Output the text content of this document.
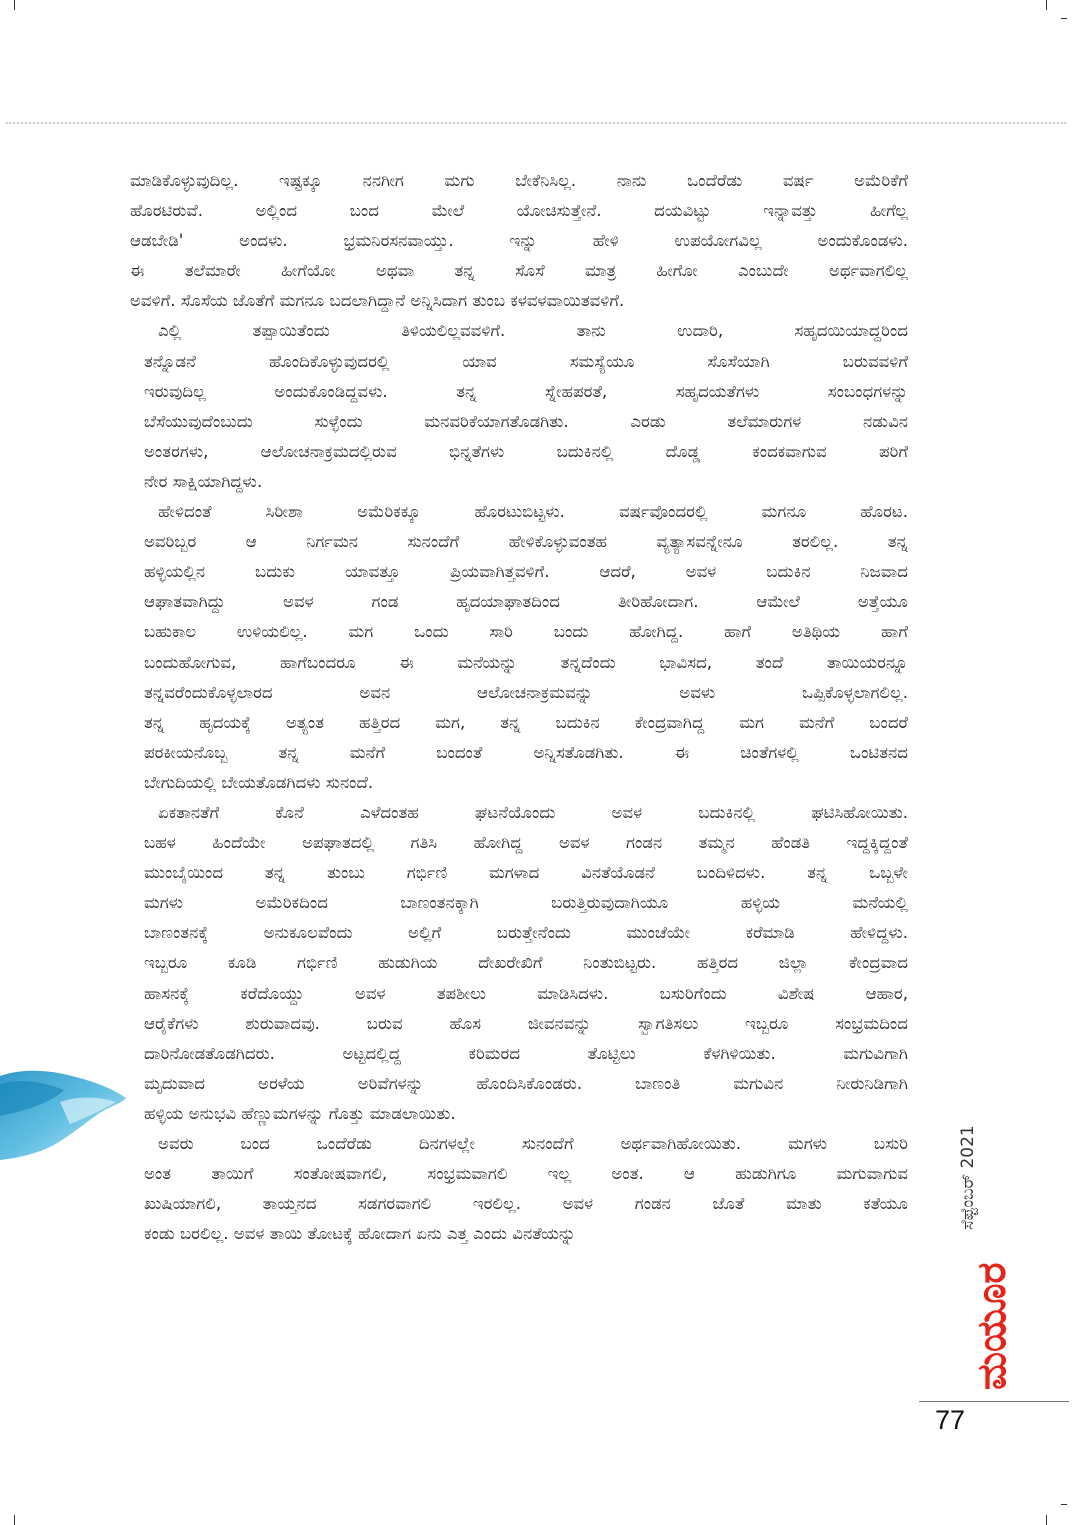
ಮಾಡಿಕೊಳ್ಳುವುದಿಲ್ಲ. ಇಷ್ಟಕ್ಕೂ ನನಗೀಗ ಮಗು ಬೇಕೆನಿಸಿಲ್ಲ. ನಾನು ಒಂದೆರೆಡು ವರ್ಷ ಅಮೆರಿಕೆಗೆ
ಹೊರಟಿರುವೆ. ಅಲ್ಲಿಂದ ಬಂದ ಮೇಲೆ ಯೋಚಿಸುತ್ತೇನೆ. ದಯವಿಟ್ಟು ಇನ್ನಾವತ್ತು ಹೀಗೆಲ್ಲ
ಆಡಬೇಡಿ' ಅಂದಳು. ಭ್ರಮನಿರಸನವಾಯ್ತು. ಇನ್ನು ಹೇಳಿ ಉಪಯೋಗವಿಲ್ಲ ಅಂದುಕೊಂಡಳು.
ಈ ತಲೆಮಾರೇ ಹೀಗೆಯೋ ಅಥವಾ ತನ್ನ ಸೊಸೆ ಮಾತ್ರ ಹೀಗೋ ಎಂಬುದೇ ಅರ್ಥವಾಗಲಿಲ್ಲ
ಅವಳಿಗೆ. ಸೊಸೆಯ ಜೊತೆಗೆ ಮಗನೂ ಬದಲಾಗಿದ್ದಾನೆ ಅನ್ನಿಸಿದಾಗ ತುಂಬ ಕಳವಳವಾಯಿತವಳಿಗೆ.
ಎಲ್ಲಿ ತಪ್ಪಾಯಿತೆಂದು ತಿಳಿಯಲಿಲ್ಲವವಳಿಗೆ. ತಾನು ಉದಾರಿ, ಸಹೃದಯಿಯಾದ್ದರಿಂದ
ತನ್ನೊಡನೆ ಹೊಂದಿಕೊಳ್ಳುವುದರಲ್ಲಿ ಯಾವ ಸಮಸ್ಯೆಯೂ ಸೊಸೆಯಾಗಿ ಬರುವವಳಿಗೆ
ಇರುವುದಿಲ್ಲ ಅಂದುಕೊಂಡಿದ್ದವಳು. ತನ್ನ ಸ್ನೇಹಪರತೆ, ಸಹೃದಯತೆಗಳು ಸಂಬಂಧಗಳನ್ನು
ಬೆಸೆಯುವುದೆಂಬುದು ಸುಳ್ಳೆಂದು ಮನವರಿಕೆಯಾಗತೊಡಗಿತು. ಎರಡು ತಲೆಮಾರುಗಳ ನಡುವಿನ
ಅಂತರಗಳು, ಆಲೋಚನಾಕ್ರಮದಲ್ಲಿರುವ ಭಿನ್ನತೆಗಳು ಬದುಕಿನಲ್ಲಿ ದೊಡ್ಡ ಕಂದಕವಾಗುವ ಪರಿಗೆ
ನೇರ ಸಾಕ್ಷಿಯಾಗಿದ್ದಳು.
ಹೇಳಿದಂತೆ ಸಿರೀಶಾ ಅಮೆರಿಕಕ್ಕೂ ಹೊರಟುಬಿಟ್ಟಳು. ವರ್ಷವೊಂದರಲ್ಲಿ ಮಗನೂ ಹೊರಟ.
ಅವರಿಬ್ಬರ ಆ ನಿರ್ಗಮನ ಸುನಂದೆಗೆ ಹೇಳಿಕೊಳ್ಳುವಂತಹ ವ್ಯತ್ಯಾಸವನ್ನೇನೂ ತರಲಿಲ್ಲ. ತನ್ನ
ಹಳ್ಳಿಯಲ್ಲಿನ ಬದುಕು ಯಾವತ್ತೂ ಪ್ರಿಯವಾಗಿತ್ತವಳಿಗೆ. ಆದರೆ, ಅವಳ ಬದುಕಿನ ನಿಜವಾದ
ಆಘಾತವಾಗಿದ್ದು ಅವಳ ಗಂಡ ಹೃದಯಾಘಾತದಿಂದ ತೀರಿಹೋದಾಗ. ಆಮೇಲೆ ಅತ್ತೆಯೂ
ಬಹುಕಾಲ ಉಳಿಯಲಿಲ್ಲ. ಮಗ ಒಂದು ಸಾರಿ ಬಂದು ಹೋಗಿದ್ದ. ಹಾಗೆ ಅತಿಥಿಯ ಹಾಗೆ
ಬಂದುಹೋಗುವ, ಹಾಗೆಬಂದರೂ ಈ ಮನೆಯನ್ನು ತನ್ನದೆಂದು ಭಾವಿಸದ, ತಂದೆ ತಾಯಿಯರನ್ನೂ
ತನ್ನವರೆಂದುಕೊಳ್ಳಲಾರದ ಅವನ ಆಲೋಚನಾಕ್ರಮವನ್ನು ಅವಳು ಒಪ್ಪಿಕೊಳ್ಳಲಾಗಲಿಲ್ಲ.
ತನ್ನ ಹೃದಯಕ್ಕೆ ಅತ್ಯಂತ ಹತ್ತಿರದ ಮಗ, ತನ್ನ ಬದುಕಿನ ಕೇಂದ್ರವಾಗಿದ್ದ ಮಗ ಮನೆಗೆ ಬಂದರೆ
ಪರಕೀಯನೊಬ್ಬ ತನ್ನ ಮನೆಗೆ ಬಂದಂತೆ ಅನ್ನಿಸತೊಡಗಿತು. ಈ ಚಿಂತೆಗಳಲ್ಲಿ ಒಂಟಿತನದ
ಬೇಗುದಿಯಲ್ಲಿ ಬೇಯತೊಡಗಿದಳು ಸುನಂದೆ.
ಏಕತಾನತೆಗೆ ಕೊನೆ ಎಳೆದಂತಹ ಘಟನೆಯೊಂದು ಅವಳ ಬದುಕಿನಲ್ಲಿ ಘಟಿಸಿಹೋಯಿತು.
ಬಹಳ ಹಿಂದೆಯೇ ಅಪಘಾತದಲ್ಲಿ ಗತಿಸಿ ಹೋಗಿದ್ದ ಅವಳ ಗಂಡನ ತಮ್ಮನ ಹೆಂಡತಿ ಇದ್ದಕ್ಕಿದ್ದಂತೆ
ಮುಂಬೈಯಿಂದ ತನ್ನ ತುಂಬು ಗರ್ಭಿಣಿ ಮಗಳಾದ ವಿನತೆಯೊಡನೆ ಬಂದಿಳಿದಳು. ತನ್ನ ಒಬ್ಬಳೇ
ಮಗಳು ಅಮೆರಿಕದಿಂದ ಬಾಣಂತನಕ್ಕಾಗಿ ಬರುತ್ತಿರುವುದಾಗಿಯೂ ಹಳ್ಳಿಯ ಮನೆಯಲ್ಲಿ
ಬಾಣಂತನಕ್ಕೆ ಅನುಕೂಲವೆಂದು ಅಲ್ಲಿಗೆ ಬರುತ್ತೇನೆಂದು ಮುಂಚೆಯೇ ಕರೆಮಾಡಿ ಹೇಳಿದ್ದಳು.
ಇಬ್ಬರೂ ಕೂಡಿ ಗರ್ಭಿಣಿ ಹುಡುಗಿಯ ದೇಖರೇಖಿಗೆ ನಿಂತುಬಿಟ್ಟರು. ಹತ್ತಿರದ ಜಿಲ್ಲಾ ಕೇಂದ್ರವಾದ
ಹಾಸನಕ್ಕೆ ಕರೆದೊಯ್ದು ಅವಳ ತಪಶೀಲು ಮಾಡಿಸಿದಳು. ಬಸುರಿಗೆಂದು ವಿಶೇಷ ಆಹಾರ,
ಆರೈಕೆಗಳು ಶುರುವಾದವು. ಬರುವ ಹೊಸ ಜೀವನವನ್ನು ಸ್ವಾಗತಿಸಲು ಇಬ್ಬರೂ ಸಂಭ್ರಮದಿಂದ
ದಾರಿನೋಡತೊಡಗಿದರು. ಅಟ್ಟದಲ್ಲಿದ್ದ ಕರಿಮರದ ತೊಟ್ಟಿಲು ಕೆಳಗಿಳಿಯಿತು. ಮಗುವಿಗಾಗಿ
ಮೃದುವಾದ ಅರಳೆಯ ಅರಿವೆಗಳನ್ನು ಹೊಂದಿಸಿಕೊಂಡರು. ಬಾಣಂತಿ ಮಗುವಿನ ನೀರುನಿಡಿಗಾಗಿ
ಹಳ್ಳಿಯ ಅನುಭವಿ ಹೆಣ್ಣುಮಗಳನ್ನು ಗೊತ್ತು ಮಾಡಲಾಯಿತು.
ಅವರು ಬಂದ ಒಂದೆರೆಡು ದಿನಗಳಲ್ಲೇ ಸುನಂದೆಗೆ ಅರ್ಥವಾಗಿಹೋಯಿತು. ಮಗಳು ಬಸುರಿ
ಅಂತ ತಾಯಿಗೆ ಸಂತೋಷವಾಗಲಿ, ಸಂಭ್ರಮವಾಗಲಿ ಇಲ್ಲ ಅಂತ. ಆ ಹುಡುಗಿಗೂ ಮಗುವಾಗುವ
ಖುಷಿಯಾಗಲಿ, ತಾಯ್ತನದ ಸಡಗರವಾಗಲಿ ಇರಲಿಲ್ಲ. ಅವಳ ಗಂಡನ ಜೊತೆ ಮಾತು ಕತೆಯೂ
ಕಂಡು ಬರಲಿಲ್ಲ. ಅವಳ ತಾಯಿ ತೋಟಕ್ಕೆ ಹೋದಾಗ ಏನು ಎತ್ತ ಎಂದು ವಿನತೆಯನ್ನು
ಸೆಪ್ಟೆಂಬರ್ 2021
ಮಯೂರ
77
